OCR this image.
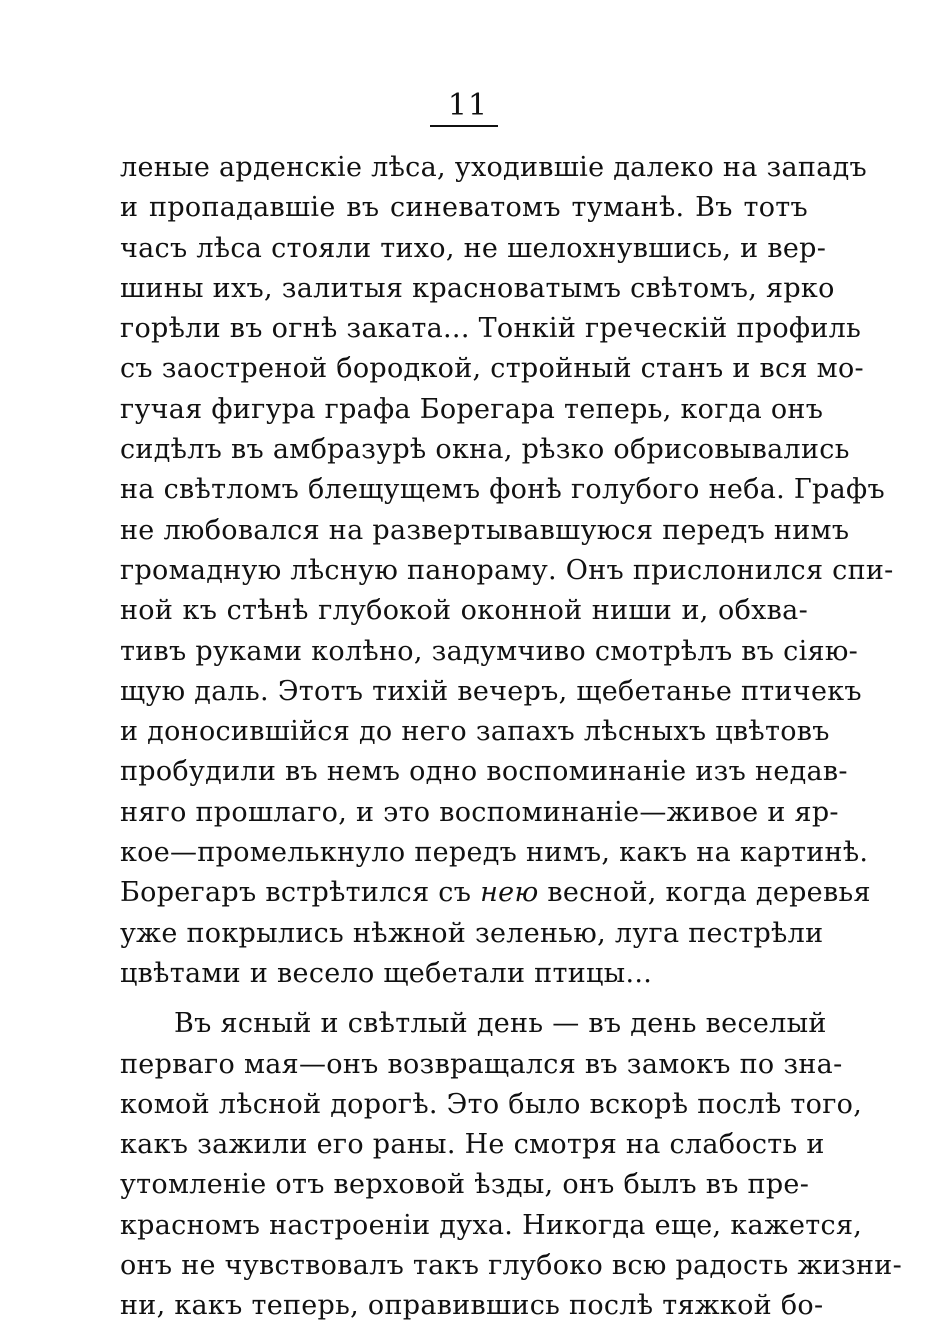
11
леные арденскіе лѣса, уходившіе далеко на западъ
и пропадавшіе въ синеватомъ туманѣ. Въ тотъ
часъ лѣса стояли тихо, не шелохнувшись, и вер-
шины ихъ, залитыя красноватымъ свѣтомъ, ярко
горѣли въ огнѣ заката... Тонкій греческій профиль
съ заостреной бородкой, стройный станъ и вся мо-
гучая фигура графа Борегара теперь, когда онъ
сидѣлъ въ амбразурѣ окна, рѣзко обрисовывались
на свѣтломъ блещущемъ фонѣ голубого неба. Графъ
не любовался на развертывавшуюся передъ нимъ
громадную лѣсную панораму. Онъ прислонился спи-
ной къ стѣнѣ глубокой оконной ниши и, обхва-
тивъ руками колѣно, задумчиво смотрѣлъ въ сіяю-
щую даль. Этотъ тихій вечеръ, щебетанье птичекъ
и доносившійся до него запахъ лѣсныхъ цвѣтовъ
пробудили въ немъ одно воспоминаніе изъ недав-
няго прошлаго, и это воспоминаніе—живое и яр-
кое—промелькнуло передъ нимъ, какъ на картинѣ.
Борегаръ встрѣтился съ нею весной, когда деревья
уже покрылись нѣжной зеленью, луга пестрѣли
цвѣтами и весело щебетали птицы...
Въ ясный и свѣтлый день — въ день веселый
перваго мая—онъ возвращался въ замокъ по зна-
комой лѣсной дорогѣ. Это было вскорѣ послѣ того,
какъ зажили его раны. Не смотря на слабость и
утомленіе отъ верховой ѣзды, онъ былъ въ пре-
красномъ настроеніи духа. Никогда еще, кажется,
онъ не чувствовалъ такъ глубоко всю радость жизни-
ни, какъ теперь, оправившись послѣ тяжкой бо-
